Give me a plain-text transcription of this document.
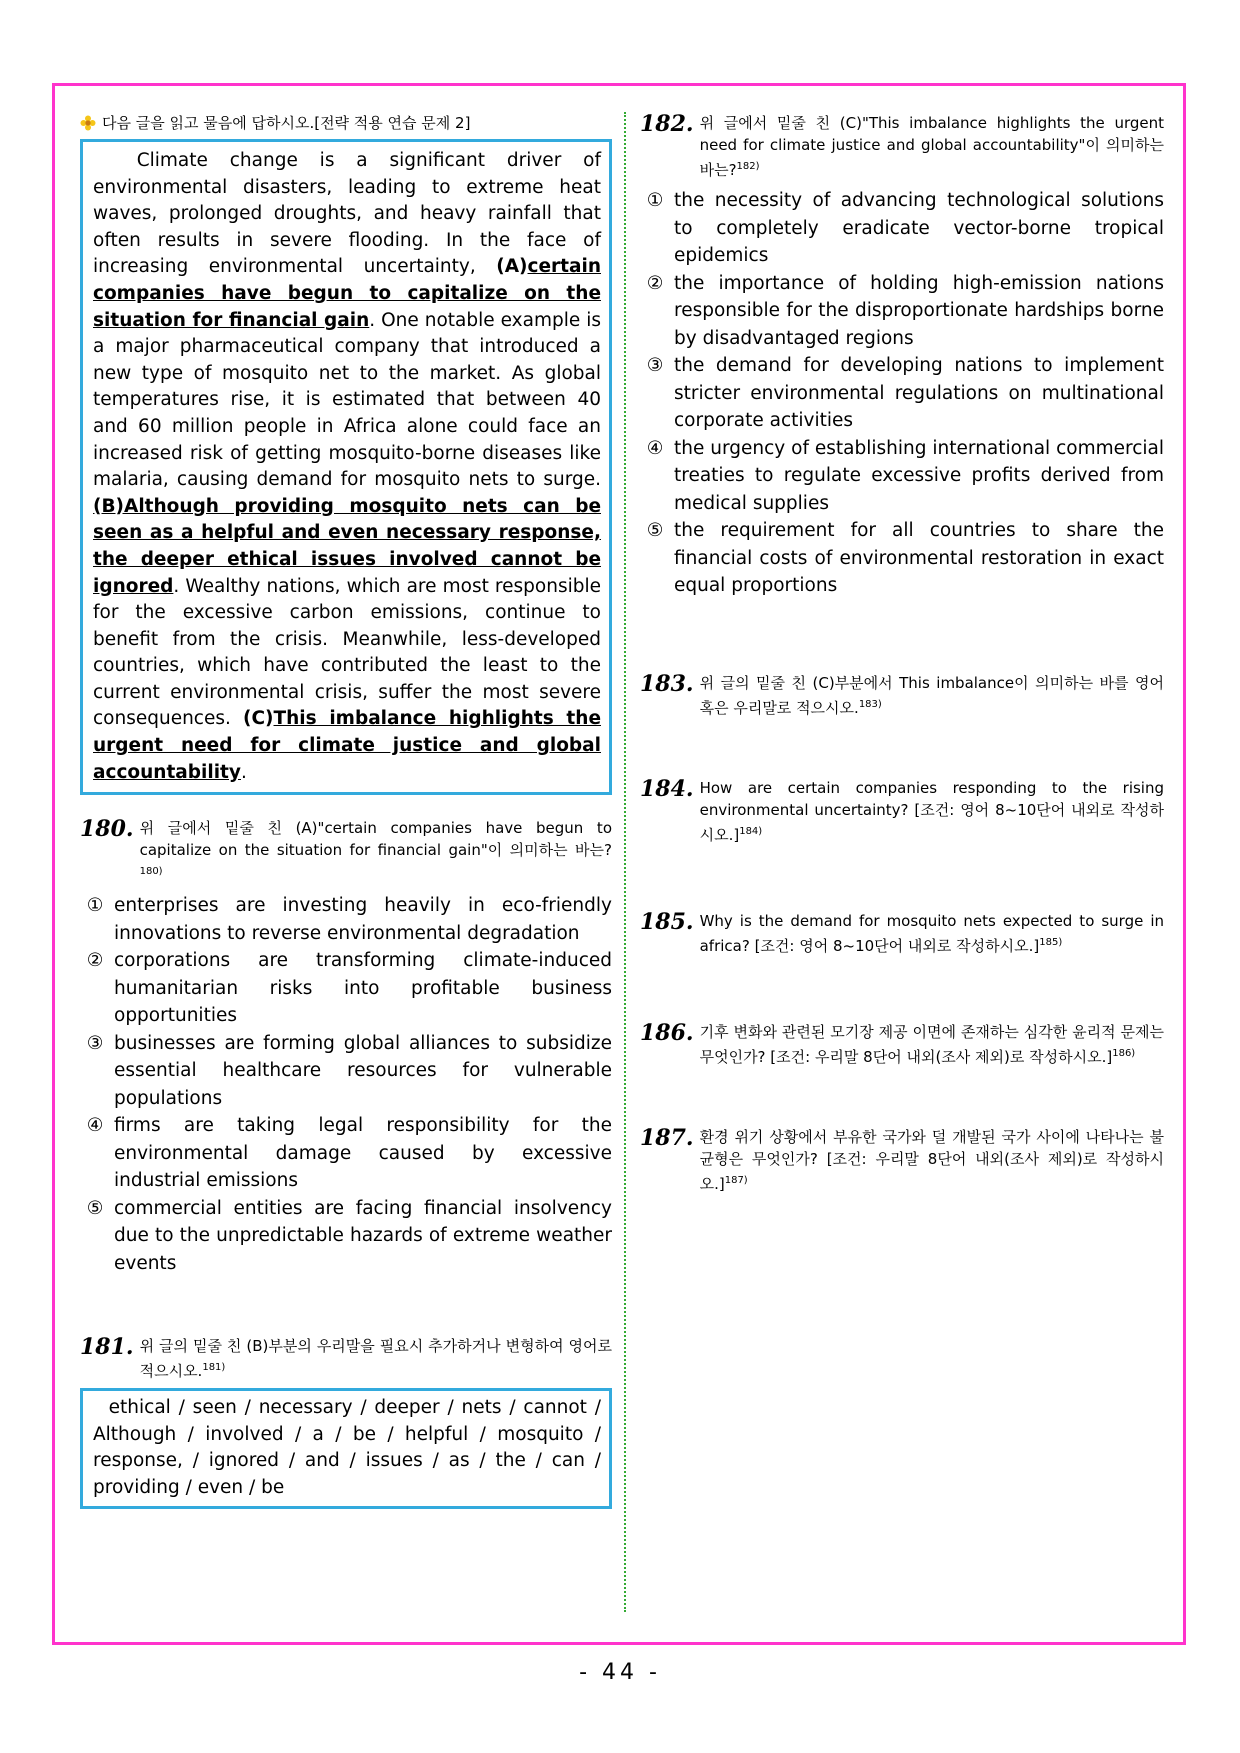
다음 글을 읽고 물음에 답하시오.[전략 적용 연습 문제 2]
Climate change is a significant driver of environmental disasters, leading to extreme heat waves, prolonged droughts, and heavy rainfall that often results in severe flooding. In the face of increasing environmental uncertainty, (A)certain companies have begun to capitalize on the situation for financial gain. One notable example is a major pharmaceutical company that introduced a new type of mosquito net to the market. As global temperatures rise, it is estimated that between 40 and 60 million people in Africa alone could face an increased risk of getting mosquito-borne diseases like malaria, causing demand for mosquito nets to surge. (B)Although providing mosquito nets can be seen as a helpful and even necessary response, the deeper ethical issues involved cannot be ignored. Wealthy nations, which are most responsible for the excessive carbon emissions, continue to benefit from the crisis. Meanwhile, less-developed countries, which have contributed the least to the current environmental crisis, suffer the most severe consequences. (C)This imbalance highlights the urgent need for climate justice and global accountability.
180. 위 글에서 밑줄 친 (A)"certain companies have begun to capitalize on the situation for financial gain"이 의미하는 바는?$^{180)}$
① enterprises are investing heavily in eco-friendly innovations to reverse environmental degradation
② corporations are transforming climate-induced humanitarian risks into profitable business opportunities
③ businesses are forming global alliances to subsidize essential healthcare resources for vulnerable populations
④ firms are taking legal responsibility for the environmental damage caused by excessive industrial emissions
⑤ commercial entities are facing financial insolvency due to the unpredictable hazards of extreme weather events
181. 위 글의 밑줄 친 (B)부분의 우리말을 필요시 추가하거나 변형하여 영어로 적으시오.$^{181)}$
ethical / seen / necessary / deeper / nets / cannot / Although / involved / a / be / helpful / mosquito / response, / ignored / and / issues / as / the / can / providing / even / be
182. 위 글에서 밑줄 친 (C)"This imbalance highlights the urgent need for climate justice and global accountability"이 의미하는 바는?$^{182)}$
① the necessity of advancing technological solutions to completely eradicate vector-borne tropical epidemics
② the importance of holding high-emission nations responsible for the disproportionate hardships borne by disadvantaged regions
③ the demand for developing nations to implement stricter environmental regulations on multinational corporate activities
④ the urgency of establishing international commercial treaties to regulate excessive profits derived from medical supplies
⑤ the requirement for all countries to share the financial costs of environmental restoration in exact equal proportions
183. 위 글의 밑줄 친 (C)부분에서 This imbalance이 의미하는 바를 영어 혹은 우리말로 적으시오.$^{183)}$
184. How are certain companies responding to the rising environmental uncertainty? [조건: 영어 8~10단어 내외로 작성하시오.]$^{184)}$
185. Why is the demand for mosquito nets expected to surge in africa? [조건: 영어 8~10단어 내외로 작성하시오.]$^{185)}$
186. 기후 변화와 관련된 모기장 제공 이면에 존재하는 심각한 윤리적 문제는 무엇인가? [조건: 우리말 8단어 내외(조사 제외)로 작성하시오.]$^{186)}$
187. 환경 위기 상황에서 부유한 국가와 덜 개발된 국가 사이에 나타나는 불균형은 무엇인가? [조건: 우리말 8단어 내외(조사 제외)로 작성하시오.]$^{187)}$
- 44 -
